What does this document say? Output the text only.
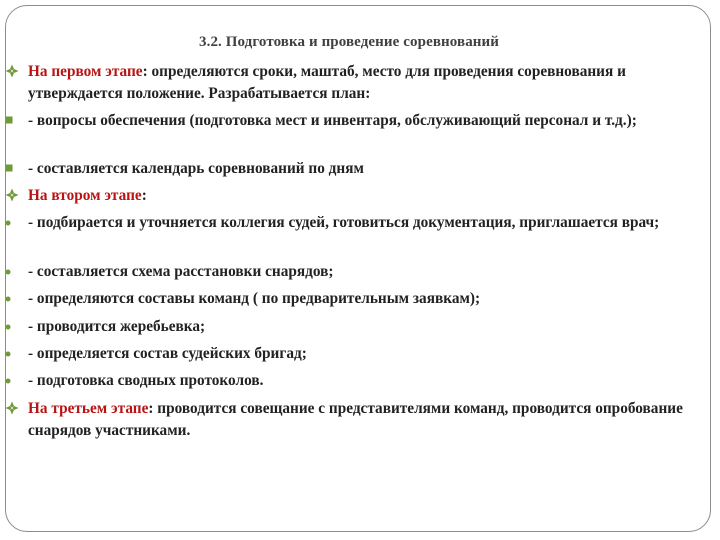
3.2. Подготовка и проведение соревнований
На первом этапе: определяются сроки, маштаб, место для проведения соревнования и утверждается положение. Разрабатывается план:
- вопросы обеспечения (подготовка мест и инвентаря, обслуживающий персонал и т.д.);
- составляется календарь соревнований по дням
На втором этапе:
- подбирается и уточняется коллегия судей, готовиться документация, приглашается врач;
- составляется схема расстановки снарядов;
- определяются составы команд ( по предварительным заявкам);
- проводится жеребьевка;
- определяется состав судейских бригад;
- подготовка сводных протоколов.
На третьем этапе: проводится совещание с представителями команд, проводится опробование снарядов участниками.
